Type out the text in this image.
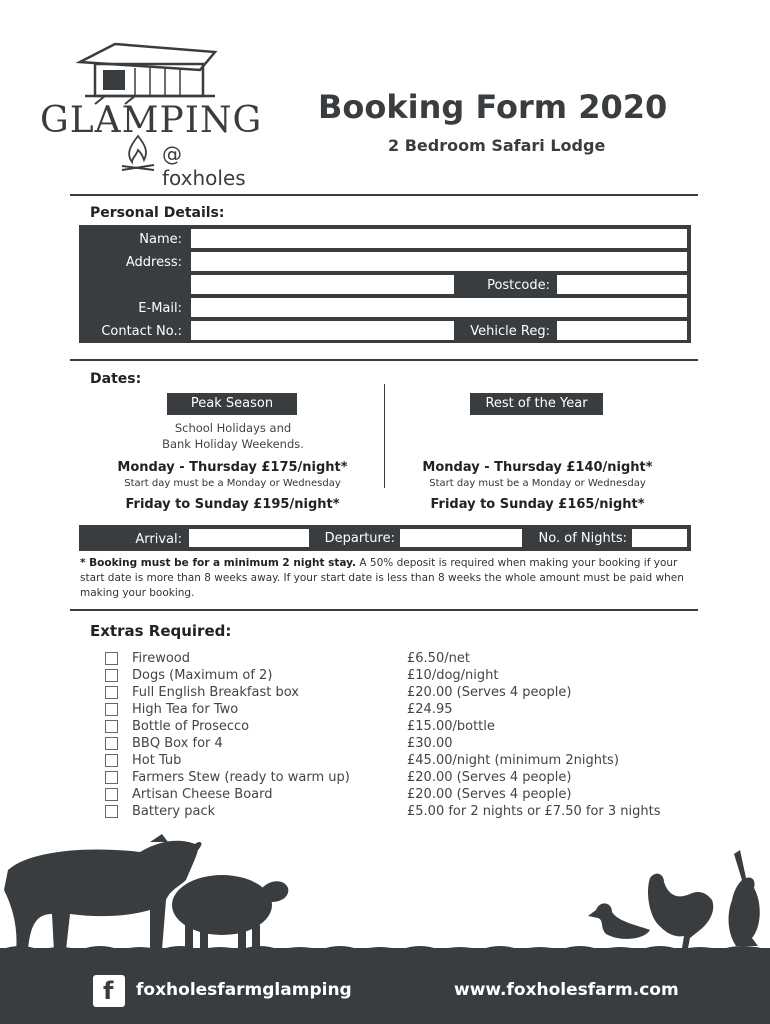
GLAMPING
@ foxholes
Booking Form 2020
2 Bedroom Safari Lodge
Personal Details:
Name:
Address:
Postcode:
E-Mail:
Contact No.:	Vehicle Reg:
Dates:
Peak Season
School Holidays and
Bank Holiday Weekends.
Monday - Thursday £175/night*
Start day must be a Monday or Wednesday
Friday to Sunday £195/night*
Rest of the Year
Monday - Thursday £140/night*
Start day must be a Monday or Wednesday
Friday to Sunday £165/night*
Arrival:	Departure:	No. of Nights:
* Booking must be for a minimum 2 night stay. A 50% deposit is required when making your booking if your start date is more than 8 weeks away. If your start date is less than 8 weeks the whole amount must be paid when making your booking.
Extras Required:
Firewood	£6.50/net
Dogs (Maximum of 2)	£10/dog/night
Full English Breakfast box	£20.00 (Serves 4 people)
High Tea for Two	£24.95
Bottle of Prosecco	£15.00/bottle
BBQ Box for 4	£30.00
Hot Tub	£45.00/night (minimum 2nights)
Farmers Stew (ready to warm up)	£20.00 (Serves 4 people)
Artisan Cheese Board	£20.00 (Serves 4 people)
Battery pack	£5.00 for 2 nights or £7.50 for 3 nights
f foxholesfarmglamping	www.foxholesfarm.com
